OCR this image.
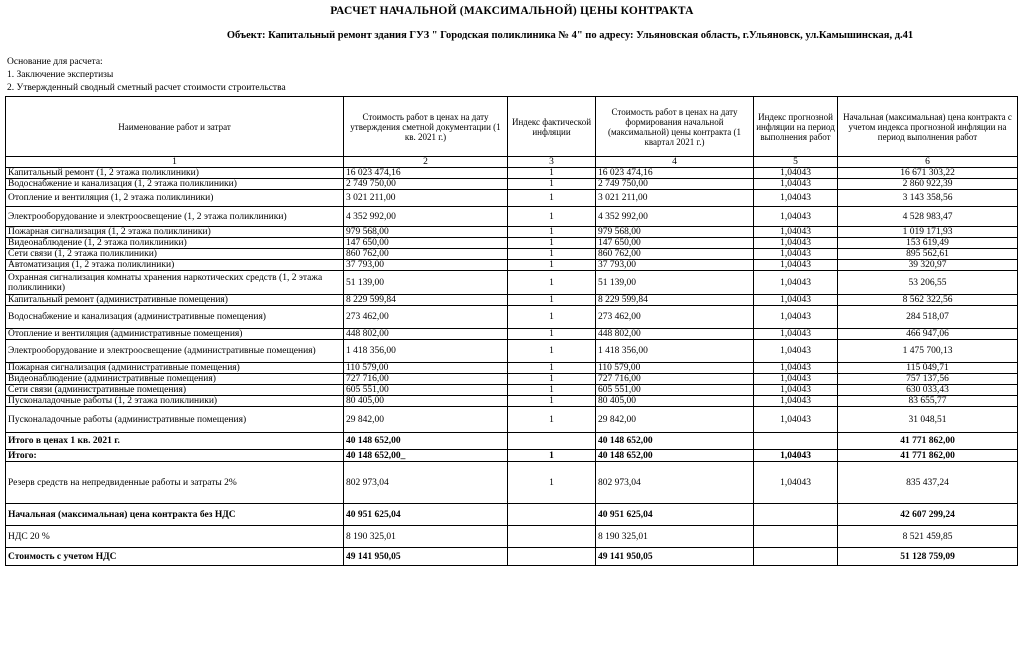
РАСЧЕТ НАЧАЛЬНОЙ (МАКСИМАЛЬНОЙ) ЦЕНЫ КОНТРАКТА
Объект: Капитальный ремонт здания ГУЗ " Городская поликлиника № 4" по адресу: Ульяновская область, г.Ульяновск, ул.Камышинская, д.41
Основание для расчета:
1. Заключение экспертизы
2. Утвержденный сводный сметный расчет стоимости строительства
Наименование работ и затрат	Стоимость работ в ценах на дату утверждения сметной документации (1 кв. 2021 г.)	Индекс фактической инфляции	Стоимость работ в ценах на дату формирования начальной (максимальной) цены контракта (1 квартал 2021 г.)	Индекс прогнозной инфляции на период выполнения работ	Начальная (максимальная) цена контракта с учетом индекса прогнозной инфляции на период выполнения работ
1	2	3	4	5	6
Капитальный ремонт (1, 2 этажа поликлиники)	16 023 474,16	1	16 023 474,16	1,04043	16 671 303,22
Водоснабжение и канализация (1, 2 этажа поликлиники)	2 749 750,00	1	2 749 750,00	1,04043	2 860 922,39
Отопление и вентиляция (1, 2 этажа поликлиники)	3 021 211,00	1	3 021 211,00	1,04043	3 143 358,56
Электрооборудование и электроосвещение (1, 2 этажа поликлиники)	4 352 992,00	1	4 352 992,00	1,04043	4 528 983,47
Пожарная сигнализация (1, 2 этажа поликлиники)	979 568,00	1	979 568,00	1,04043	1 019 171,93
Видеонаблюдение (1, 2 этажа поликлиники)	147 650,00	1	147 650,00	1,04043	153 619,49
Сети связи (1, 2 этажа поликлиники)	860 762,00	1	860 762,00	1,04043	895 562,61
Автоматизация (1, 2 этажа поликлиники)	37 793,00	1	37 793,00	1,04043	39 320,97
Охранная сигнализация комнаты хранения наркотических средств (1, 2 этажа поликлиники)	51 139,00	1	51 139,00	1,04043	53 206,55
Капитальный ремонт (административные помещения)	8 229 599,84	1	8 229 599,84	1,04043	8 562 322,56
Водоснабжение и канализация (административные помещения)	273 462,00	1	273 462,00	1,04043	284 518,07
Отопление и вентиляция (административные помещения)	448 802,00	1	448 802,00	1,04043	466 947,06
Электрооборудование и электроосвещение (административные помещения)	1 418 356,00	1	1 418 356,00	1,04043	1 475 700,13
Пожарная сигнализация (административные помещения)	110 579,00	1	110 579,00	1,04043	115 049,71
Видеонаблюдение (административные помещения)	727 716,00	1	727 716,00	1,04043	757 137,56
Сети связи (административные помещения)	605 551,00	1	605 551,00	1,04043	630 033,43
Пусконаладочные работы (1, 2 этажа поликлиники)	80 405,00	1	80 405,00	1,04043	83 655,77
Пусконаладочные работы (административные помещения)	29 842,00	1	29 842,00	1,04043	31 048,51
Итого в ценах 1 кв. 2021 г.	40 148 652,00		40 148 652,00		41 771 862,00
Итого:	40 148 652,00_	1	40 148 652,00	1,04043	41 771 862,00
Резерв средств на непредвиденные работы и затраты 2%	802 973,04	1	802 973,04	1,04043	835 437,24
Начальная (максимальная) цена контракта без НДС	40 951 625,04		40 951 625,04		42 607 299,24
НДС 20 %	8 190 325,01		8 190 325,01		8 521 459,85
Стоимость с учетом НДС	49 141 950,05		49 141 950,05		51 128 759,09
